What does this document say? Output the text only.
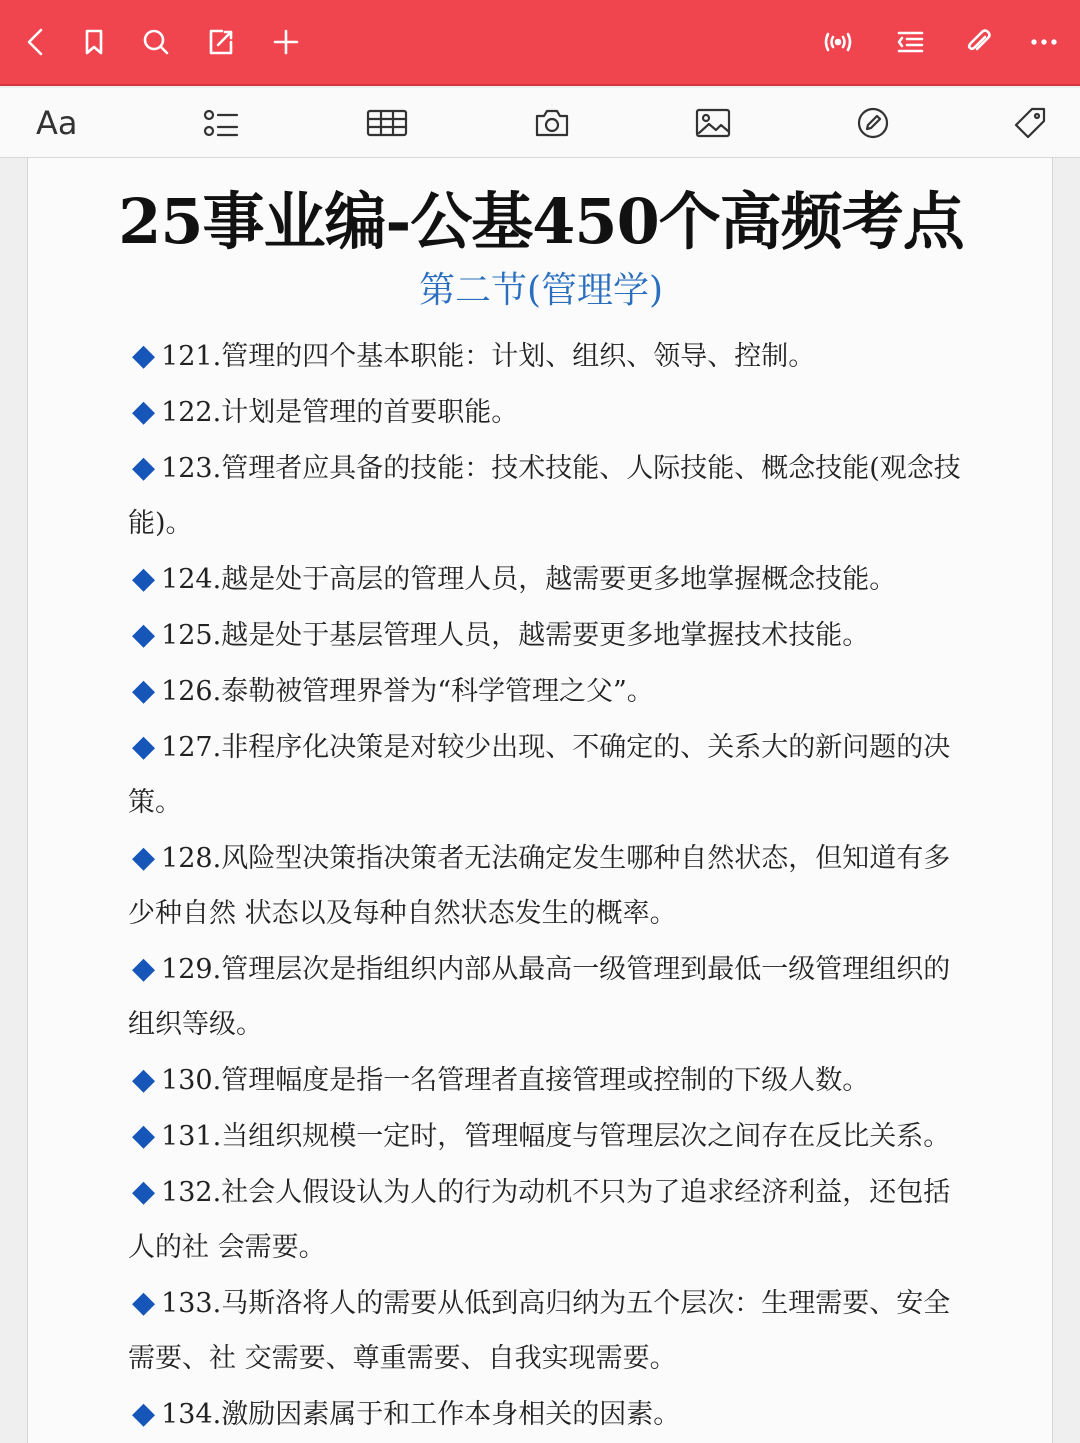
Aa
25事业编-公基450个高频考点
第二节(管理学)

◆ 121.管理的四个基本职能：计划、组织、领导、控制。

◆ 122.计划是管理的首要职能。

◆ 123.管理者应具备的技能：技术技能、人际技能、概念技能(观念技能)。

◆ 124.越是处于高层的管理人员，越需要更多地掌握概念技能。

◆ 125.越是处于基层管理人员，越需要更多地掌握技术技能。

◆ 126.泰勒被管理界誉为“科学管理之父”。

◆ 127.非程序化决策是对较少出现、不确定的、关系大的新问题的决策。

◆ 128.风险型决策指决策者无法确定发生哪种自然状态，但知道有多少种自然 状态以及每种自然状态发生的概率。

◆ 129.管理层次是指组织内部从最高一级管理到最低一级管理组织的组织等级。

◆ 130.管理幅度是指一名管理者直接管理或控制的下级人数。

◆ 131.当组织规模一定时，管理幅度与管理层次之间存在反比关系。

◆ 132.社会人假设认为人的行为动机不只为了追求经济利益，还包括人的社 会需要。

◆ 133.马斯洛将人的需要从低到高归纳为五个层次：生理需要、安全需要、社 交需要、尊重需要、自我实现需要。

◆ 134.激励因素属于和工作本身相关的因素。
